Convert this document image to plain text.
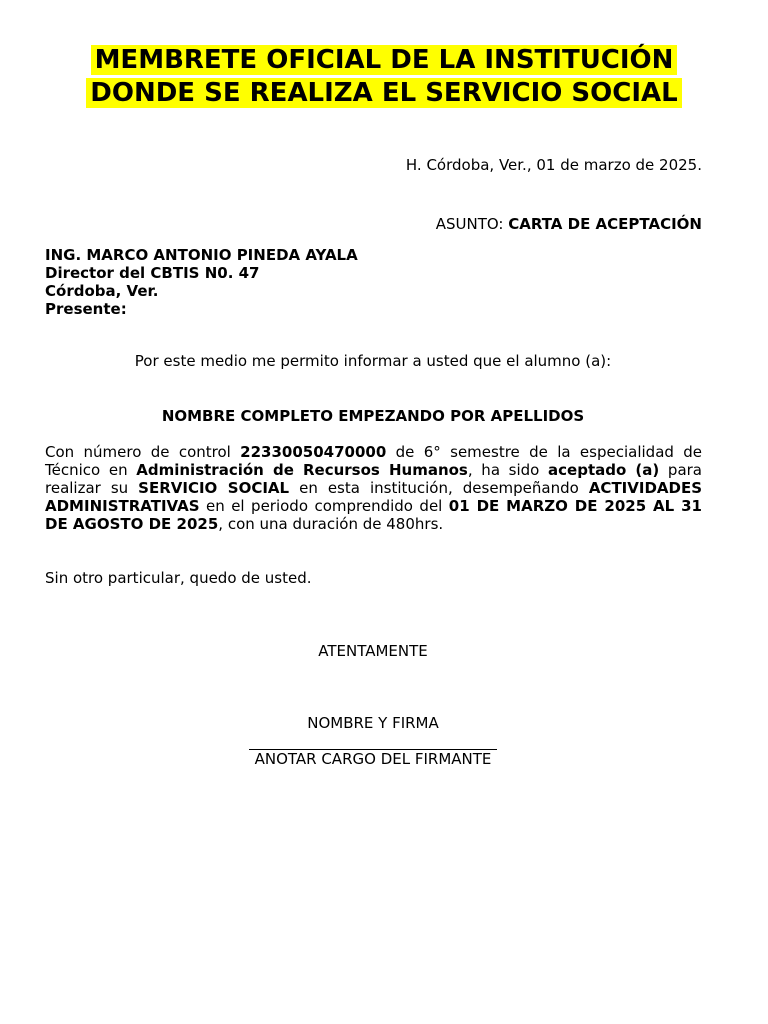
MEMBRETE OFICIAL DE LA INSTITUCIÓN
DONDE SE REALIZA EL SERVICIO SOCIAL
H. Córdoba, Ver., 01 de marzo de 2025.
ASUNTO: CARTA DE ACEPTACIÓN
ING. MARCO ANTONIO PINEDA AYALA
Director del CBTIS N0. 47
Córdoba, Ver.
Presente:
Por este medio me permito informar a usted que el alumno (a):
NOMBRE COMPLETO EMPEZANDO POR APELLIDOS
Con número de control 22330050470000 de 6° semestre de la especialidad de Técnico en Administración de Recursos Humanos, ha sido aceptado (a) para realizar su SERVICIO SOCIAL en esta institución, desempeñando ACTIVIDADES ADMINISTRATIVAS en el periodo comprendido del 01 DE MARZO DE 2025 AL 31 DE AGOSTO DE 2025, con una duración de 480hrs.
Sin otro particular, quedo de usted.
ATENTAMENTE
NOMBRE Y FIRMA
ANOTAR CARGO DEL FIRMANTE
